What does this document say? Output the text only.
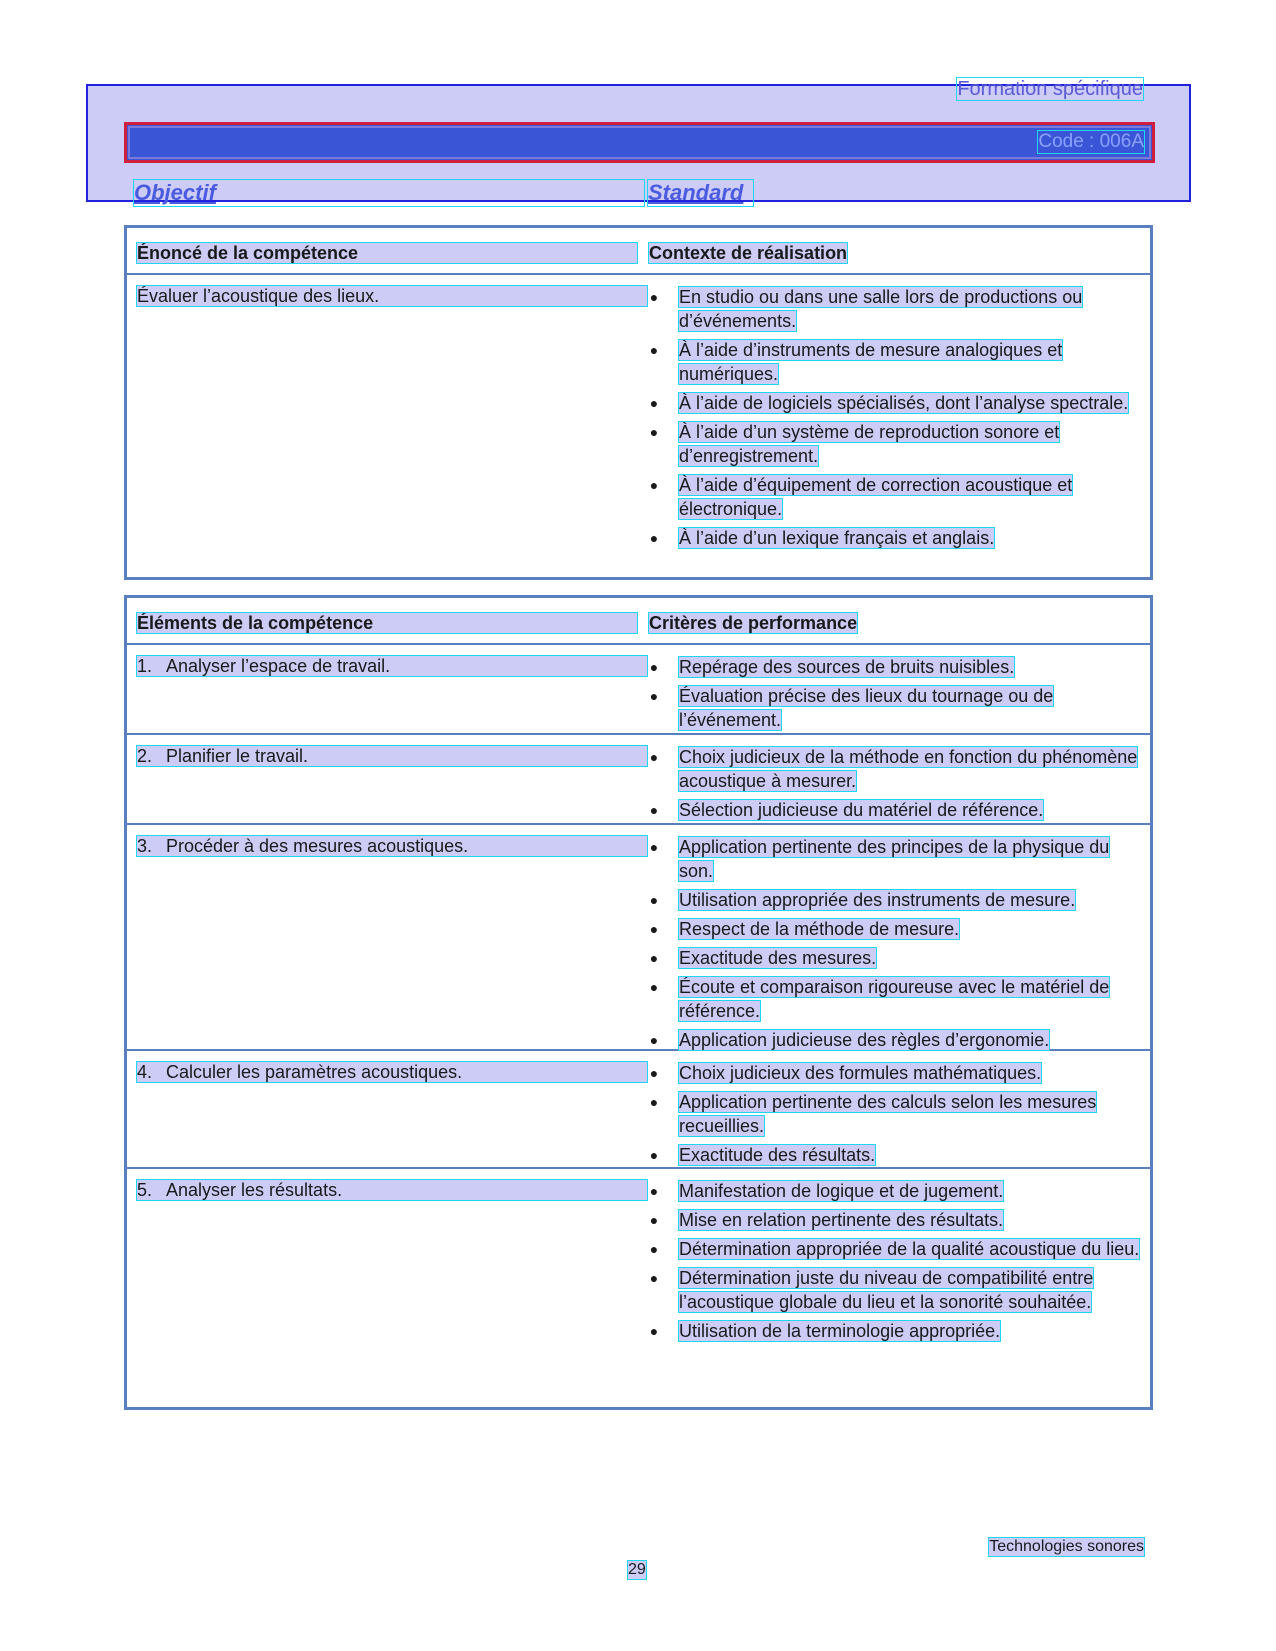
Formation spécifique
Code : 006A
Objectif	Standard
Énoncé de la compétence	Contexte de réalisation
Évaluer l’acoustique des lieux.	● En studio ou dans une salle lors de productions ou d’événements.
● À l’aide d’instruments de mesure analogiques et numériques.
● À l’aide de logiciels spécialisés, dont l’analyse spectrale.
● À l’aide d’un système de reproduction sonore et d’enregistrement.
● À l’aide d’équipement de correction acoustique et électronique.
● À l’aide d’un lexique français et anglais.
Éléments de la compétence	Critères de performance
1. Analyser l’espace de travail.	● Repérage des sources de bruits nuisibles.
● Évaluation précise des lieux du tournage ou de l’événement.
2. Planifier le travail.	● Choix judicieux de la méthode en fonction du phénomène acoustique à mesurer.
● Sélection judicieuse du matériel de référence.
3. Procéder à des mesures acoustiques.	● Application pertinente des principes de la physique du son.
● Utilisation appropriée des instruments de mesure.
● Respect de la méthode de mesure.
● Exactitude des mesures.
● Écoute et comparaison rigoureuse avec le matériel de référence.
● Application judicieuse des règles d’ergonomie.
4. Calculer les paramètres acoustiques.	● Choix judicieux des formules mathématiques.
● Application pertinente des calculs selon les mesures recueillies.
● Exactitude des résultats.
5. Analyser les résultats.	● Manifestation de logique et de jugement.
● Mise en relation pertinente des résultats.
● Détermination appropriée de la qualité acoustique du lieu.
● Détermination juste du niveau de compatibilité entre l’acoustique globale du lieu et la sonorité souhaitée.
● Utilisation de la terminologie appropriée.
Technologies sonores
29
